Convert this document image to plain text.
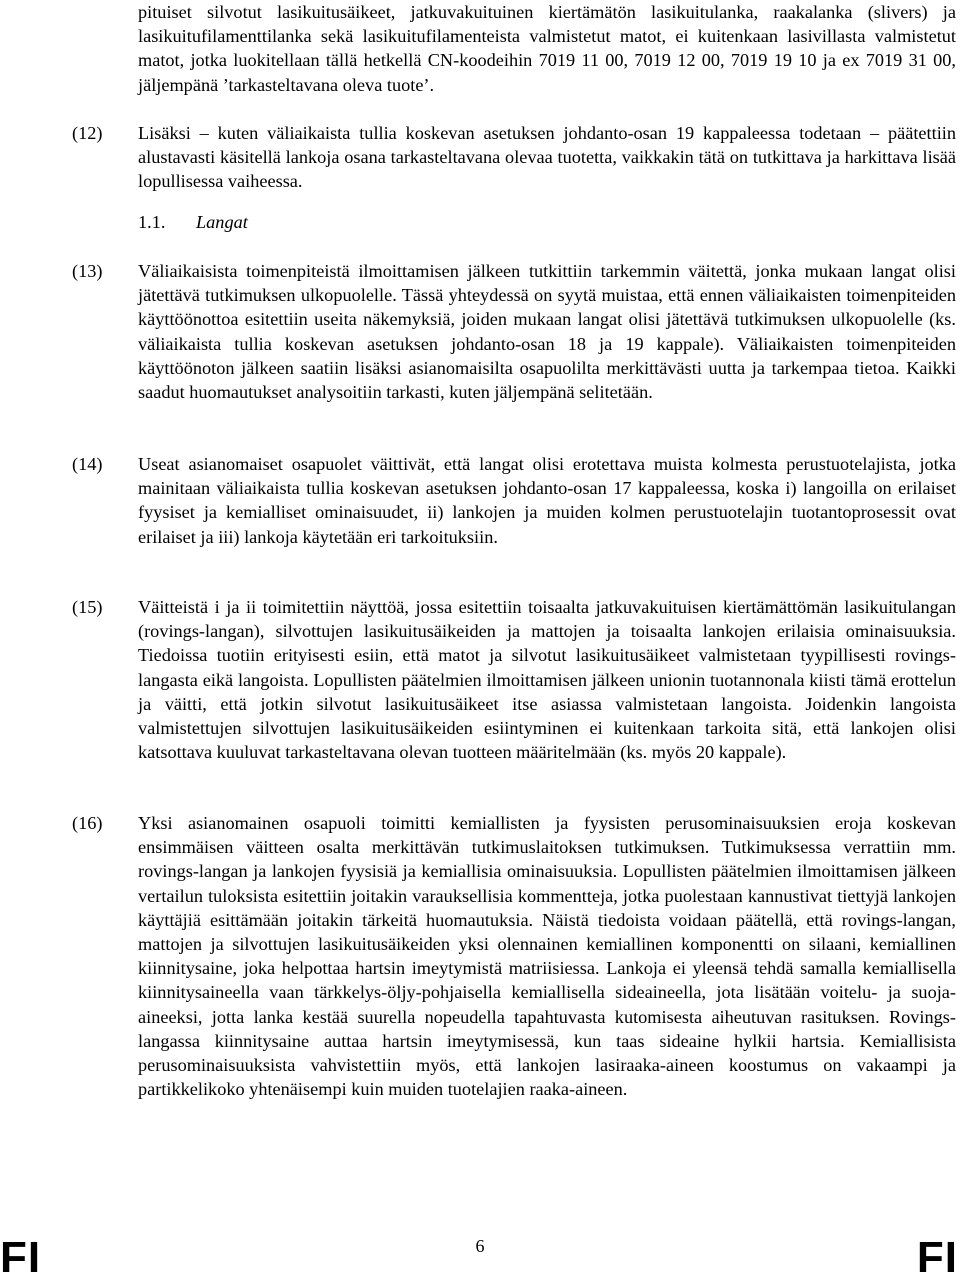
pituiset silvotut lasikuitusäikeet, jatkuvakuituinen kiertämätön lasikuitulanka, raakalanka (slivers) ja lasikuitufilamenttilanka sekä lasikuitufilamenteista valmistetut matot, ei kuitenkaan lasivillasta valmistetut matot, jotka luokitellaan tällä hetkellä CN-koodeihin 7019 11 00, 7019 12 00, 7019 19 10 ja ex 7019 31 00, jäljempänä ’tarkasteltavana oleva tuote’.

(12) Lisäksi – kuten väliaikaista tullia koskevan asetuksen johdanto-osan 19 kappaleessa todetaan – päätettiin alustavasti käsitellä lankoja osana tarkasteltavana olevaa tuotetta, vaikkakin tätä on tutkittava ja harkittava lisää lopullisessa vaiheessa.

1.1. Langat
(13) Väliaikaisista toimenpiteistä ilmoittamisen jälkeen tutkittiin tarkemmin väitettä, jonka mukaan langat olisi jätettävä tutkimuksen ulkopuolelle. Tässä yhteydessä on syytä muistaa, että ennen väliaikaisten toimenpiteiden käyttöönottoa esitettiin useita näkemyksiä, joiden mukaan langat olisi jätettävä tutkimuksen ulkopuolelle (ks. väliaikaista tullia koskevan asetuksen johdanto-osan 18 ja 19 kappale). Väliaikaisten toimenpiteiden käyttöönoton jälkeen saatiin lisäksi asianomaisilta osapuolilta merkittävästi uutta ja tarkempaa tietoa. Kaikki saadut huomautukset analysoitiin tarkasti, kuten jäljempänä selitetään.

(14) Useat asianomaiset osapuolet väittivät, että langat olisi erotettava muista kolmesta perustuotelajista, jotka mainitaan väliaikaista tullia koskevan asetuksen johdanto-osan 17 kappaleessa, koska i) langoilla on erilaiset fyysiset ja kemialliset ominaisuudet, ii) lankojen ja muiden kolmen perustuotelajin tuotantoprosessit ovat erilaiset ja iii) lankoja käytetään eri tarkoituksiin.

(15) Väitteistä i ja ii toimitettiin näyttöä, jossa esitettiin toisaalta jatkuvakuituisen kiertämättömän lasikuitulangan (rovings-langan), silvottujen lasikuitusäikeiden ja mattojen ja toisaalta lankojen erilaisia ominaisuuksia. Tiedoissa tuotiin erityisesti esiin, että matot ja silvotut lasikuitusäikeet valmistetaan tyypillisesti rovings-langasta eikä langoista. Lopullisten päätelmien ilmoittamisen jälkeen unionin tuotannonala kiisti tämä erottelun ja väitti, että jotkin silvotut lasikuitusäikeet itse asiassa valmistetaan langoista. Joidenkin langoista valmistettujen silvottujen lasikuitusäikeiden esiintyminen ei kuitenkaan tarkoita sitä, että lankojen olisi katsottava kuuluvat tarkasteltavana olevan tuotteen määritelmään (ks. myös 20 kappale).

(16) Yksi asianomainen osapuoli toimitti kemiallisten ja fyysisten perusominaisuuksien eroja koskevan ensimmäisen väitteen osalta merkittävän tutkimuslaitoksen tutkimuksen. Tutkimuksessa verrattiin mm. rovings-langan ja lankojen fyysisiä ja kemiallisia ominaisuuksia. Lopullisten päätelmien ilmoittamisen jälkeen vertailun tuloksista esitettiin joitakin varauksellisia kommentteja, jotka puolestaan kannustivat tiettyjä lankojen käyttäjiä esittämään joitakin tärkeitä huomautuksia. Näistä tiedoista voidaan päätellä, että rovings-langan, mattojen ja silvottujen lasikuitusäikeiden yksi olennainen kemiallinen komponentti on silaani, kemiallinen kiinnitysaine, joka helpottaa hartsin imeytymistä matriisiessa. Lankoja ei yleensä tehdä samalla kemiallisella kiinnitysaineella vaan tärkkelys-öljy-pohjaisella kemiallisella sideaineella, jota lisätään voitelu- ja suoja-aineeksi, jotta lanka kestää suurella nopeudella tapahtuvasta kutomisesta aiheutuvan rasituksen. Rovings-langassa kiinnitysaine auttaa hartsin imeytymisessä, kun taas sideaine hylkii hartsia. Kemiallisista perusominaisuuksista vahvistettiin myös, että lankojen lasiraaka-aineen koostumus on vakaampi ja partikkelikoko yhtenäisempi kuin muiden tuotelajien raaka-aineen.

FI	6	FI
